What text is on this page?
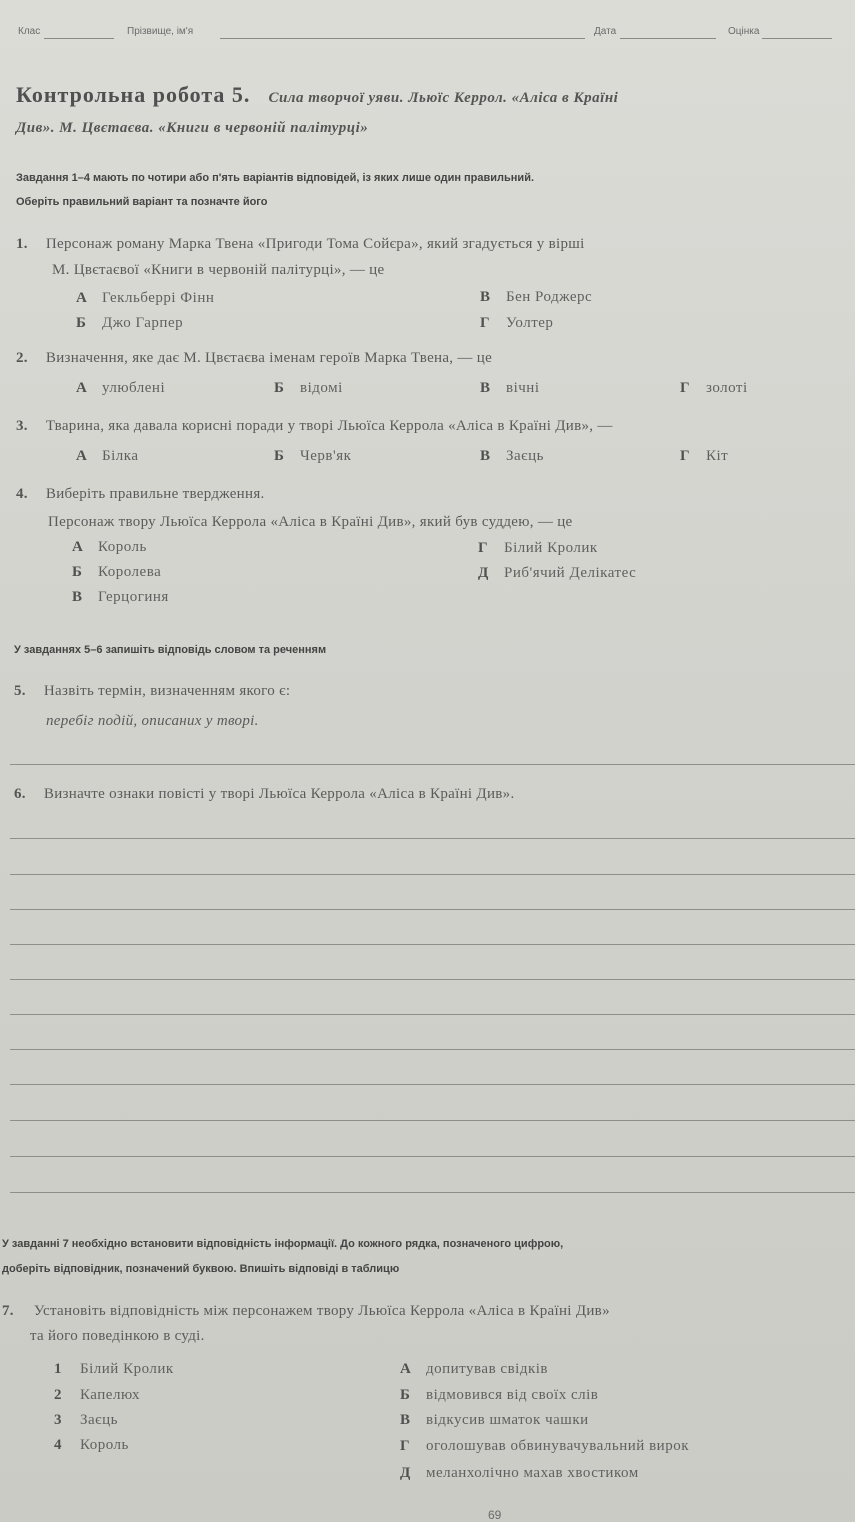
Клас	Прізвище, ім'я	Дата	Оцінка
Контрольна робота 5. Сила творчої уяви. Льюїс Керрол. «Аліса в Країні
Див». М. Цвєтаєва. «Книги в червоній палітурці»
Завдання 1–4 мають по чотири або п'ять варіантів відповідей, із яких лише один правильний.
Оберіть правильний варіант та позначте його
1. Персонаж роману Марка Твена «Пригоди Тома Сойєра», який згадується у вірші
М. Цвєтаєвої «Книги в червоній палітурці», — це
А Гекльберрі Фінн
Б Джо Гарпер
В Бен Роджерс
Г Уолтер
2. Визначення, яке дає М. Цвєтаєва іменам героїв Марка Твена, — це
А улюблені	Б відомі	В вічні	Г золоті
3. Тварина, яка давала корисні поради у творі Льюїса Керрола «Аліса в Країні Див», —
А Білка	Б Черв'як	В Заєць	Г Кіт
4. Виберіть правильне твердження.
Персонаж твору Льюїса Керрола «Аліса в Країні Див», який був суддею, — це
А Король
Б Королева
В Герцогиня
Г Білий Кролик
Д Риб'ячий Делікатес
У завданнях 5–6 запишіть відповідь словом та реченням
5. Назвіть термін, визначенням якого є:
перебіг подій, описаних у творі.
6. Визначте ознаки повісті у творі Льюїса Керрола «Аліса в Країні Див».
У завданні 7 необхідно встановити відповідність інформації. До кожного рядка, позначеного цифрою,
доберіть відповідник, позначений буквою. Впишіть відповіді в таблицю
7. Установіть відповідність між персонажем твору Льюїса Керрола «Аліса в Країні Див»
та його поведінкою в суді.
1 Білий Кролик
2 Капелюх
3 Заєць
4 Король
А допитував свідків
Б відмовився від своїх слів
В відкусив шматок чашки
Г оголошував обвинувачувальний вирок
Д меланхолічно махав хвостиком
69
